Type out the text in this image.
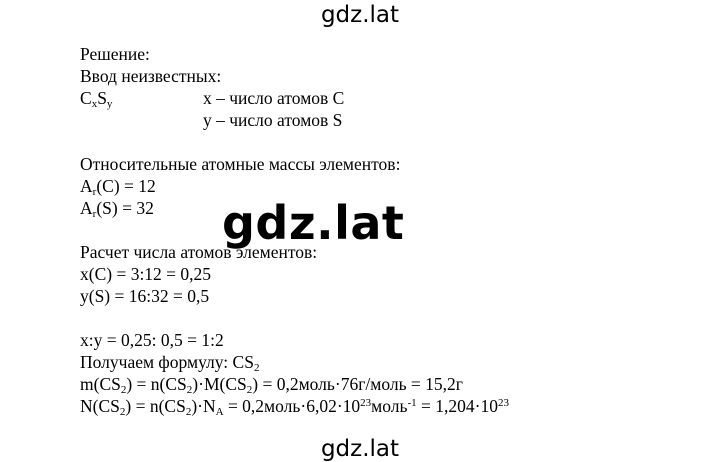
gdz.lat
Решение:
Ввод неизвестных:
$C_xS_y$	x – число атомов С
y – число атомов S
Относительные атомные массы элементов:
$A_r(C) = 12$
$A_r(S) = 32$
Расчет числа атомов элементов:
x(C) = 3:12 = 0,25
y(S) = 16:32 = 0,5
x:y = 0,25: 0,5 = 1:2
Получаем формулу: $CS_2$
$m(CS_2) = n(CS_2)\cdot M(CS_2)$ = 0,2моль·76г/моль = 15,2г
$N(CS_2) = n(CS_2)\cdot N_A$ = $0,2моль\cdot 6,02\cdot 10^{23}моль^{-1} = 1,204\cdot 10^{23}$
gdz.lat
gdz.lat
